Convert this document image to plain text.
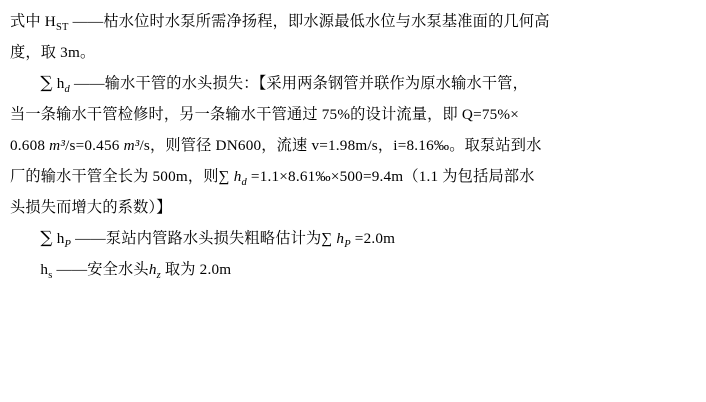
式中 $H_{ST}$ ——枯水位时水泵所需净扬程，即水源最低水位与水泵基准面的几何高
度，取 3m。
∑ $h_d$ ——输水干管的水头损失：【采用两条钢管并联作为原水输水干管，
当一条输水干管检修时，另一条输水干管通过 75%的设计流量，即 Q=75%×
0.608 m³/s=0.456 m³/s，则管径 DN600，流速 v=1.98m/s，i=8.16‰。取泵站到水
厂的输水干管全长为 500m，则∑ $h_d$ =1.1×8.61‰×500=9.4m（1.1 为包括局部水
头损失而增大的系数）】
∑ $h_P$ ——泵站内管路水头损失粗略估计为∑ $h_P =2.0m$
$h_s$ ——安全水头$h_z$ 取为 2.0m
